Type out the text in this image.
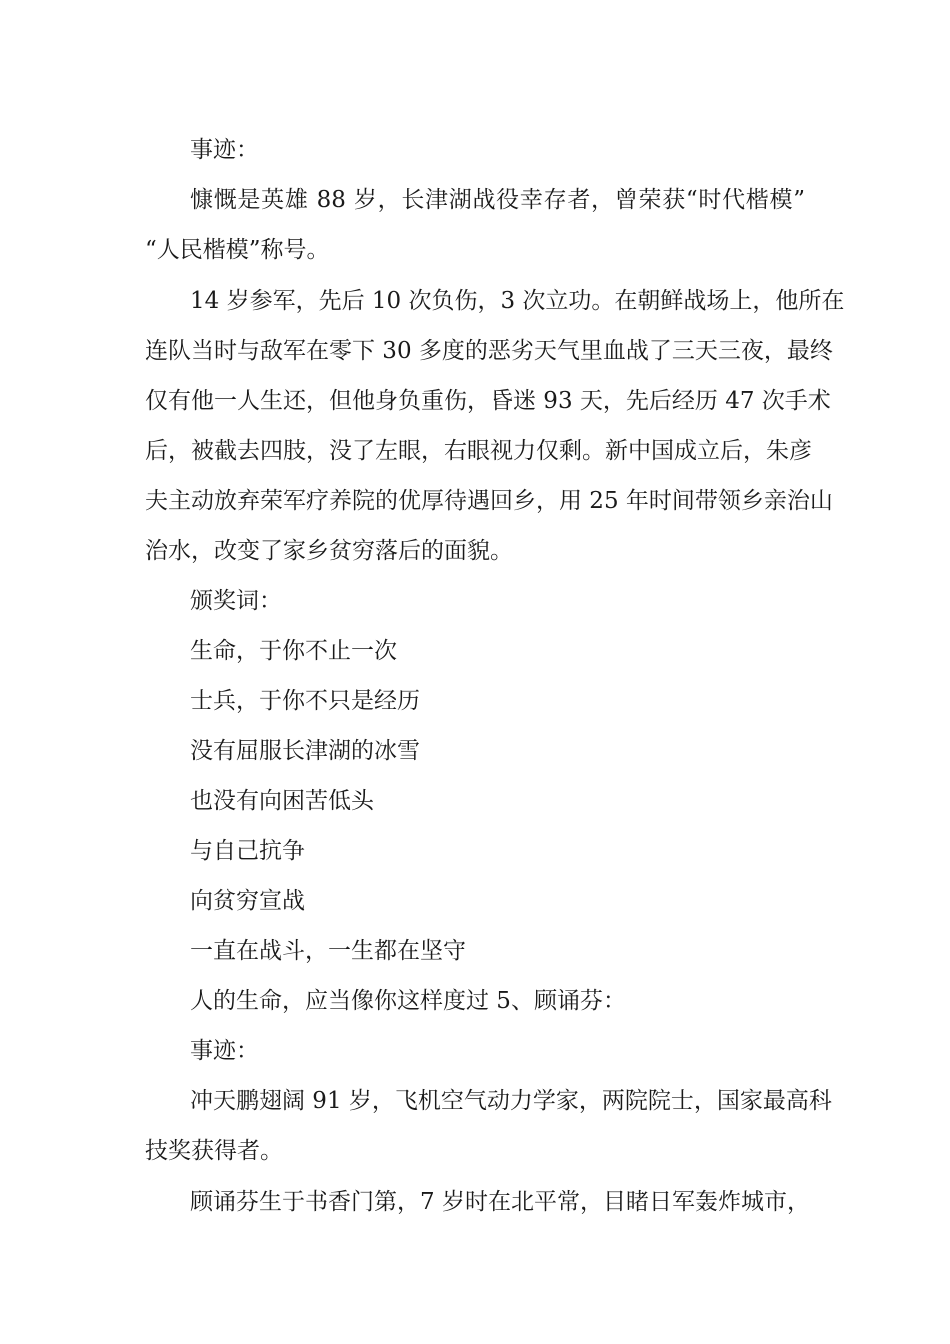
事迹：
慷慨是英雄 88 岁，长津湖战役幸存者，曾荣获“时代楷模”
“人民楷模”称号。
14 岁参军，先后 10 次负伤，3 次立功。在朝鲜战场上，他所在
连队当时与敌军在零下 30 多度的恶劣天气里血战了三天三夜，最终
仅有他一人生还，但他身负重伤，昏迷 93 天，先后经历 47 次手术
后，被截去四肢，没了左眼，右眼视力仅剩。新中国成立后，朱彦
夫主动放弃荣军疗养院的优厚待遇回乡，用 25 年时间带领乡亲治山
治水，改变了家乡贫穷落后的面貌。
颁奖词：
生命，于你不止一次
士兵，于你不只是经历
没有屈服长津湖的冰雪
也没有向困苦低头
与自己抗争
向贫穷宣战
一直在战斗，一生都在坚守
人的生命，应当像你这样度过 5、顾诵芬：
事迹：
冲天鹏翅阔 91 岁，飞机空气动力学家，两院院士，国家最高科
技奖获得者。
顾诵芬生于书香门第，7 岁时在北平常，目睹日军轰炸城市，
